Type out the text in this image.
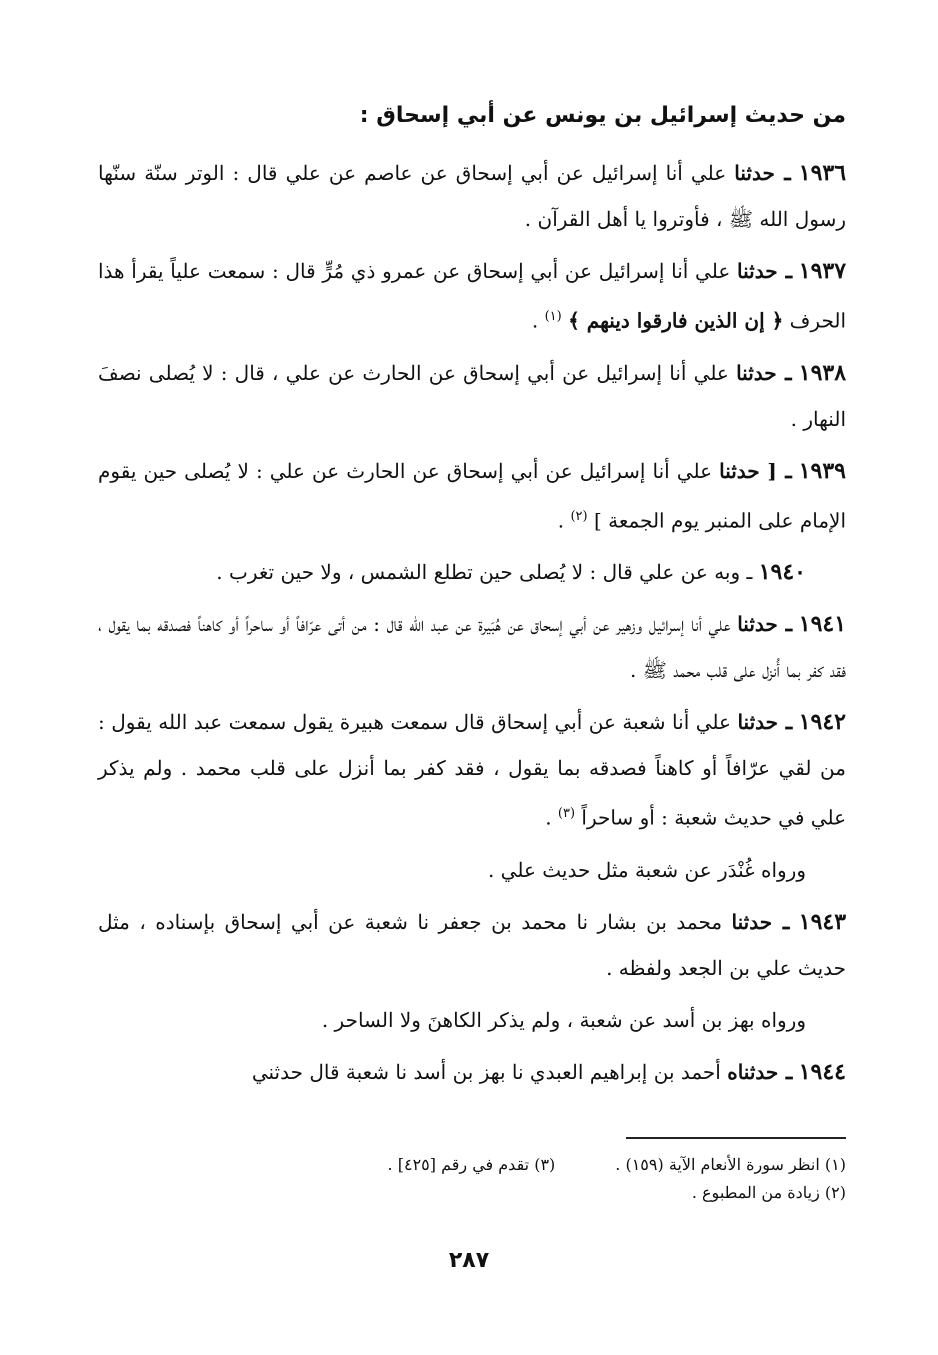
من حديث إسرائيل بن يونس عن أبي إسحاق :

١٩٣٦ ـ حدثنا علي أنا إسرائيل عن أبي إسحاق عن عاصم عن علي قال : الوتر سنّة سنّها رسول الله ﷺ ، فأوتروا يا أهل القرآن .

١٩٣٧ ـ حدثنا علي أنا إسرائيل عن أبي إسحاق عن عمرو ذي مُرٍّ قال : سمعت علياً يقرأ هذا الحرف ﴿ إن الذين فارقوا دينهم ﴾ $^{(١)}$ .

١٩٣٨ ـ حدثنا علي أنا إسرائيل عن أبي إسحاق عن الحارث عن علي ، قال : لا يُصلى نصفَ النهار .

١٩٣٩ ـ [ حدثنا علي أنا إسرائيل عن أبي إسحاق عن الحارث عن علي : لا يُصلى حين يقوم الإمام على المنبر يوم الجمعة ] $^{(٢)}$ .

١٩٤٠ ـ وبه عن علي قال : لا يُصلى حين تطلع الشمس ، ولا حين تغرب .

١٩٤١ ـ حدثنا علي أنا إسرائيل وزهير عن أبي إسحاق عن هُبَيرة عن عبد الله قال : من أتى عرّافاً أو ساحراً أو كاهناً فصدقه بما يقول ، فقد كفر بما أُنزل على قلب محمد ﷺ .

١٩٤٢ ـ حدثنا علي أنا شعبة عن أبي إسحاق قال سمعت هبيرة يقول سمعت عبد الله يقول : من لقي عرّافاً أو كاهناً فصدقه بما يقول ، فقد كفر بما أنزل على قلب محمد . ولم يذكر علي في حديث شعبة : أو ساحراً $^{(٣)}$ .

ورواه غُنْدَر عن شعبة مثل حديث علي .

١٩٤٣ ـ حدثنا محمد بن بشار نا محمد بن جعفر نا شعبة عن أبي إسحاق بإسناده ، مثل حديث علي بن الجعد ولفظه .

ورواه بهز بن أسد عن شعبة ، ولم يذكر الكاهنَ ولا الساحر .

١٩٤٤ ـ حدثناه أحمد بن إبراهيم العبدي نا بهز بن أسد نا شعبة قال حدثني

(١) انظر سورة الأنعام الآية (١٥٩) .
(٣) تقدم في رقم [٤٢٥] .
(٢) زيادة من المطبوع .
٢٨٧
